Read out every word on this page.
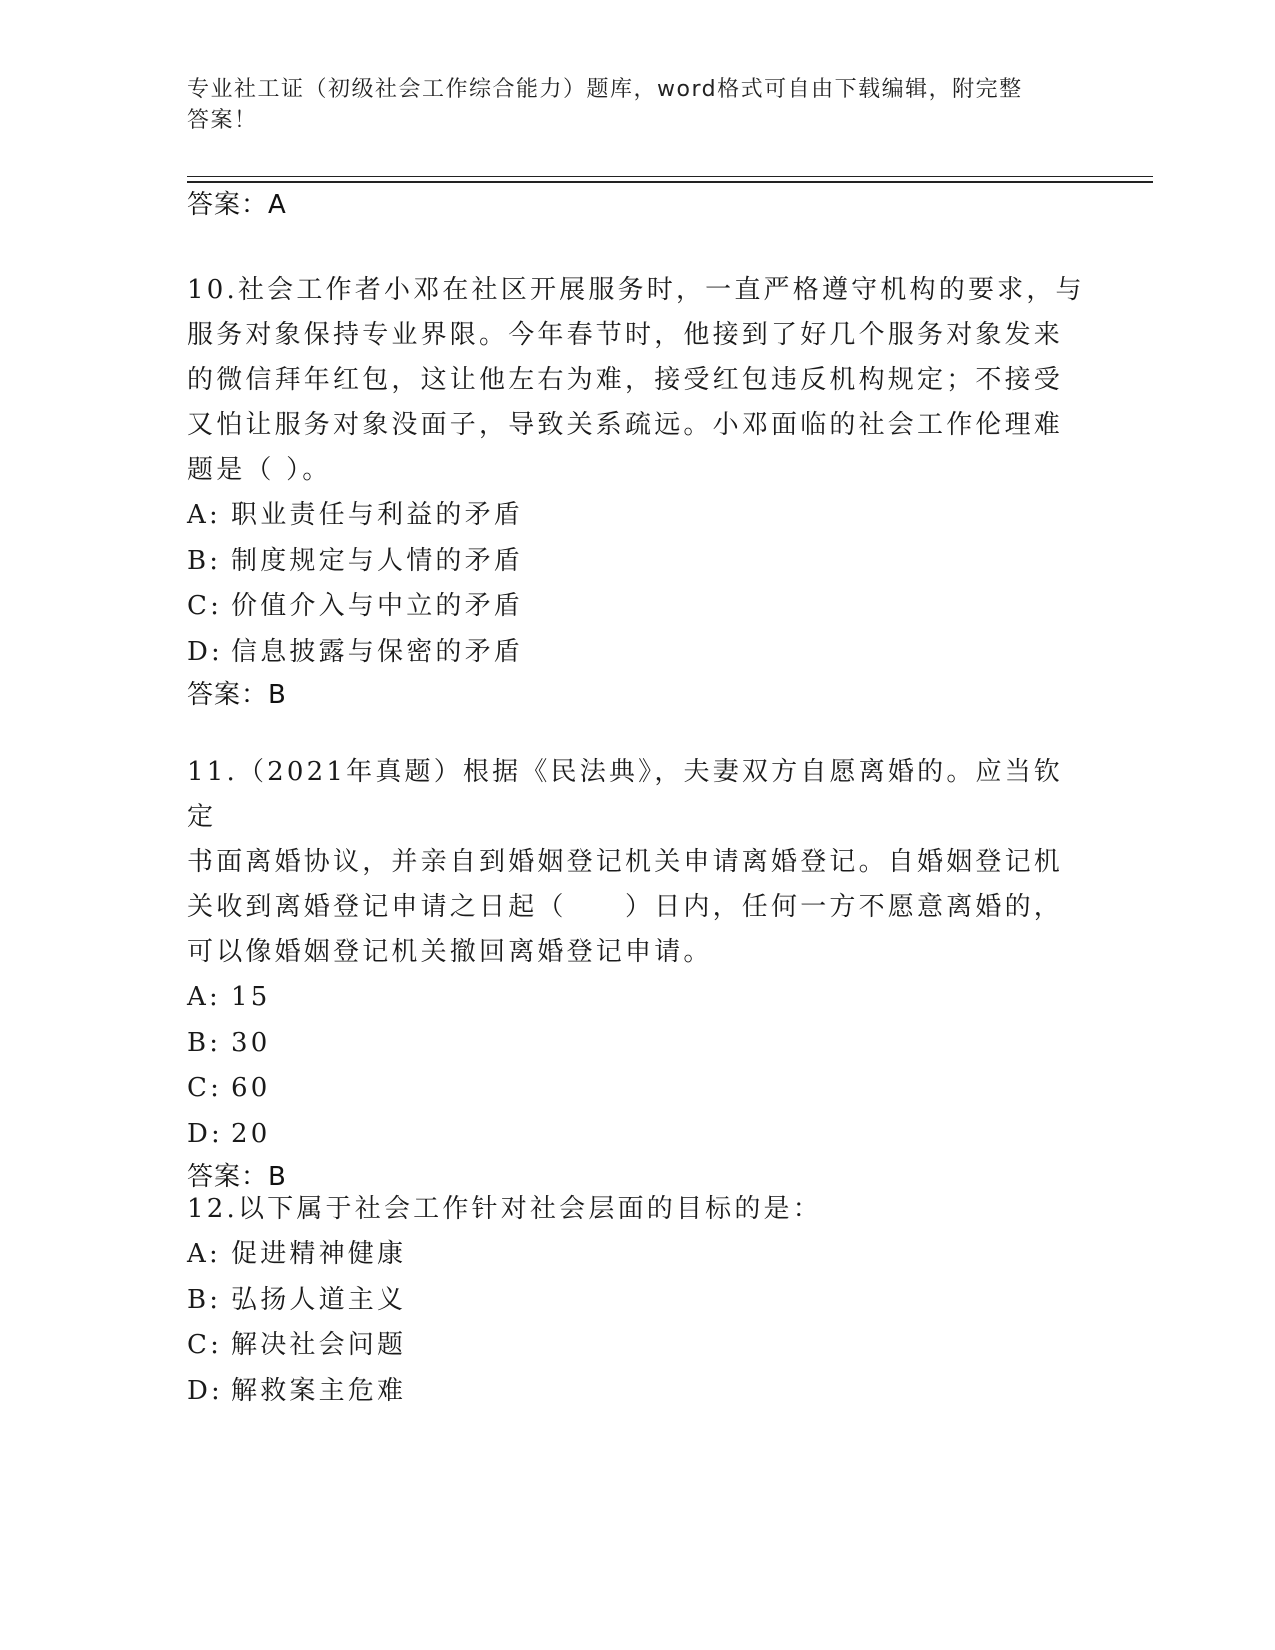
专业社工证（初级社会工作综合能力）题库，word格式可自由下载编辑，附完整
答案！
答案：A
10.社会工作者小邓在社区开展服务时，一直严格遵守机构的要求，与
服务对象保持专业界限。今年春节时，他接到了好几个服务对象发来
的微信拜年红包，这让他左右为难，接受红包违反机构规定；不接受
又怕让服务对象没面子，导致关系疏远。小邓面临的社会工作伦理难
题是（ ）。
A: 职业责任与利益的矛盾
B: 制度规定与人情的矛盾
C: 价值介入与中立的矛盾
D: 信息披露与保密的矛盾
答案：B
11.（2021年真题）根据《民法典》，夫妻双方自愿离婚的。应当钦定
书面离婚协议，并亲自到婚姻登记机关申请离婚登记。自婚姻登记机
关收到离婚登记申请之日起（　　）日内，任何一方不愿意离婚的，
可以像婚姻登记机关撤回离婚登记申请。
A: 15
B: 30
C: 60
D: 20
答案：B
12.以下属于社会工作针对社会层面的目标的是：
A: 促进精神健康
B: 弘扬人道主义
C: 解决社会问题
D: 解救案主危难
